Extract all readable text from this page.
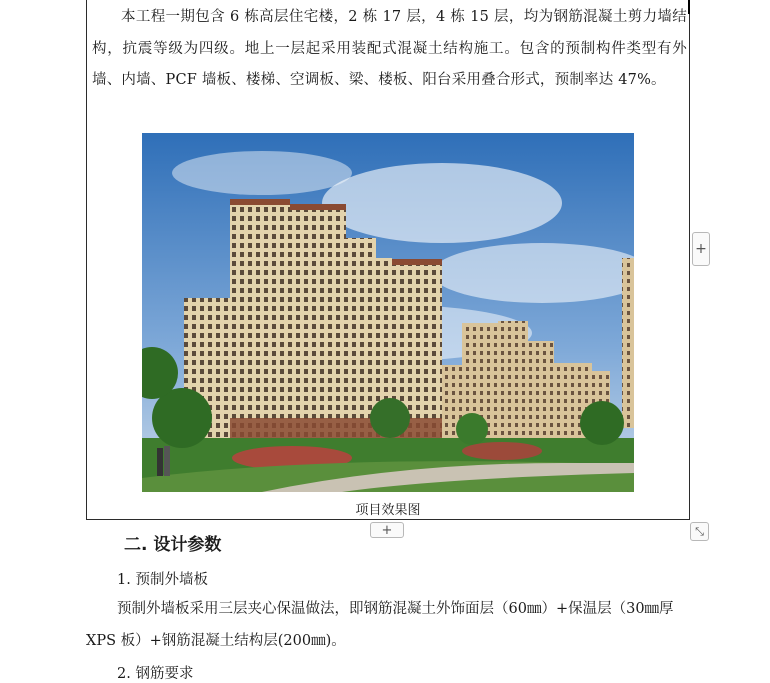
本工程一期包含 6 栋高层住宅楼，2 栋 17 层，4 栋 15 层，均为钢筋混凝土剪力墙结构，抗震等级为四级。地上一层起采用装配式混凝土结构施工。包含的预制构件类型有外墙、内墙、PCF 墙板、楼梯、空调板、梁、楼板、阳台采用叠合形式，预制率达 47%。

项目效果图
+
+	⤡
二. 设计参数

1. 预制外墙板

预制外墙板采用三层夹心保温做法，即钢筋混凝土外饰面层（60㎜）+保温层（30㎜厚 XPS 板）+钢筋混凝土结构层(200㎜)。

2. 钢筋要求
